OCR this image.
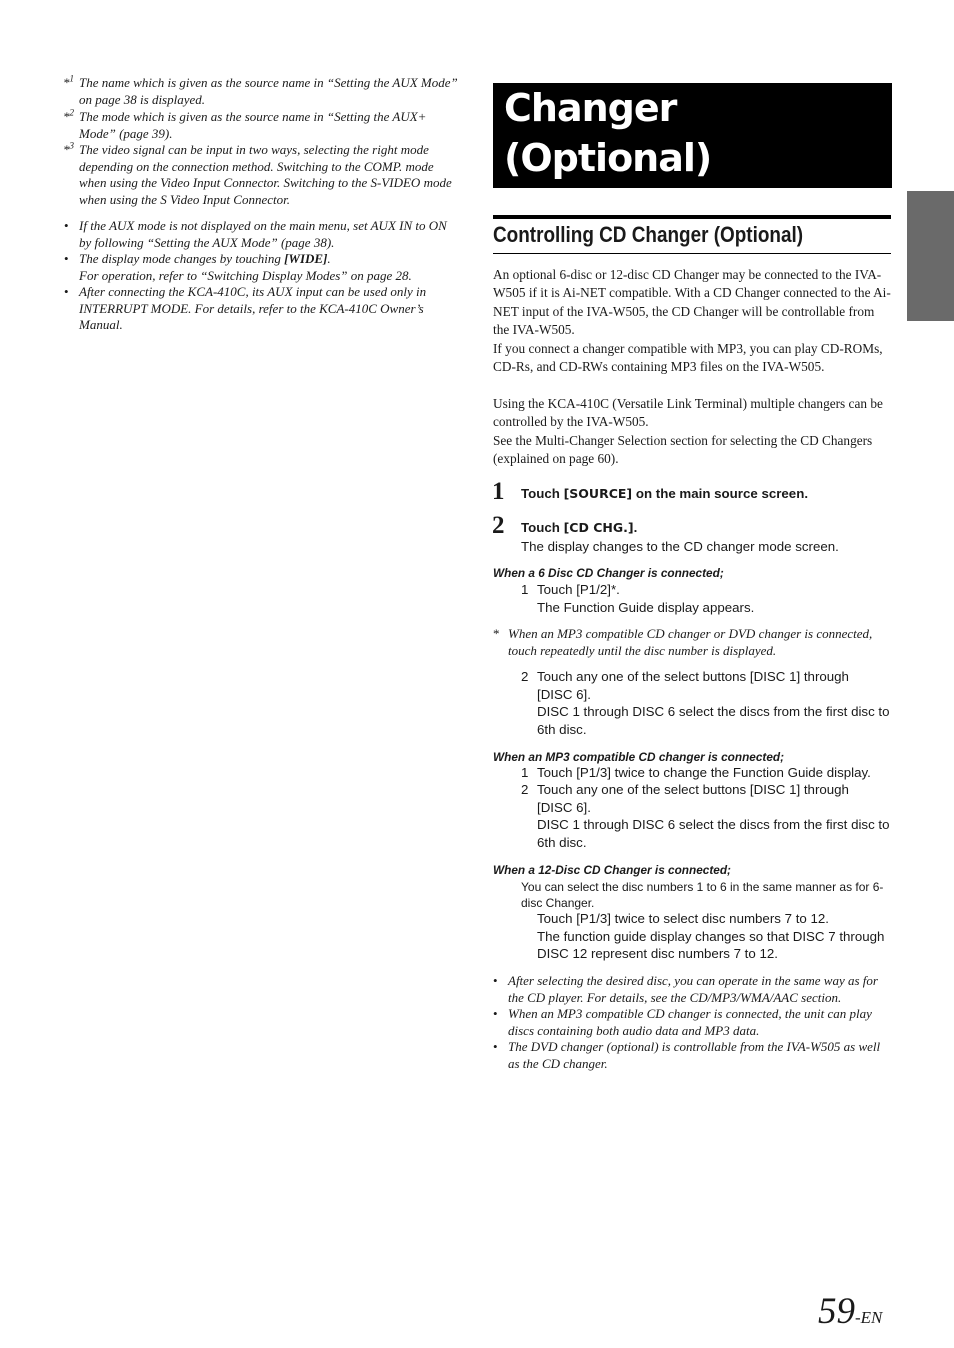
*$^1$ The name which is given as the source name in “Setting the AUX Mode” on page 38 is displayed.
*$^2$ The mode which is given as the source name in “Setting the AUX+ Mode” (page 39).
*$^3$ The video signal can be input in two ways, selecting the right mode depending on the connection method. Switching to the COMP. mode when using the Video Input Connector. Switching to the S-VIDEO mode when using the S Video Input Connector.
• If the AUX mode is not displayed on the main menu, set AUX IN to ON by following “Setting the AUX Mode” (page 38).
• The display mode changes by touching [WIDE].
For operation, refer to “Switching Display Modes” on page 28.
• After connecting the KCA-410C, its AUX input can be used only in INTERRUPT MODE. For details, refer to the KCA-410C Owner’s Manual.
Changer
(Optional)
Controlling CD Changer (Optional)
An optional 6-disc or 12-disc CD Changer may be connected to the IVA-W505 if it is Ai-NET compatible. With a CD Changer connected to the Ai-NET input of the IVA-W505, the CD Changer will be controllable from the IVA-W505.
If you connect a changer compatible with MP3, you can play CD-ROMs, CD-Rs, and CD-RWs containing MP3 files on the IVA-W505.
Using the KCA-410C (Versatile Link Terminal) multiple changers can be controlled by the IVA-W505.
See the Multi-Changer Selection section for selecting the CD Changers (explained on page 60).
1 Touch [SOURCE] on the main source screen.
2 Touch [CD CHG.].
The display changes to the CD changer mode screen.
When a 6 Disc CD Changer is connected;
1 Touch [P1/2]*.
The Function Guide display appears.
* When an MP3 compatible CD changer or DVD changer is connected, touch repeatedly until the disc number is displayed.
2 Touch any one of the select buttons [DISC 1] through
[DISC 6].
DISC 1 through DISC 6 select the discs from the first disc to 6th disc.
When an MP3 compatible CD changer is connected;
1 Touch [P1/3] twice to change the Function Guide display.
2 Touch any one of the select buttons [DISC 1] through
[DISC 6].
DISC 1 through DISC 6 select the discs from the first disc to 6th disc.
When a 12-Disc CD Changer is connected;
You can select the disc numbers 1 to 6 in the same manner as for 6-disc Changer.
Touch [P1/3] twice to select disc numbers 7 to 12.
The function guide display changes so that DISC 7 through DISC 12 represent disc numbers 7 to 12.
• After selecting the desired disc, you can operate in the same way as for the CD player. For details, see the CD/MP3/WMA/AAC section.
• When an MP3 compatible CD changer is connected, the unit can play discs containing both audio data and MP3 data.
• The DVD changer (optional) is controllable from the IVA-W505 as well as the CD changer.
59-EN
